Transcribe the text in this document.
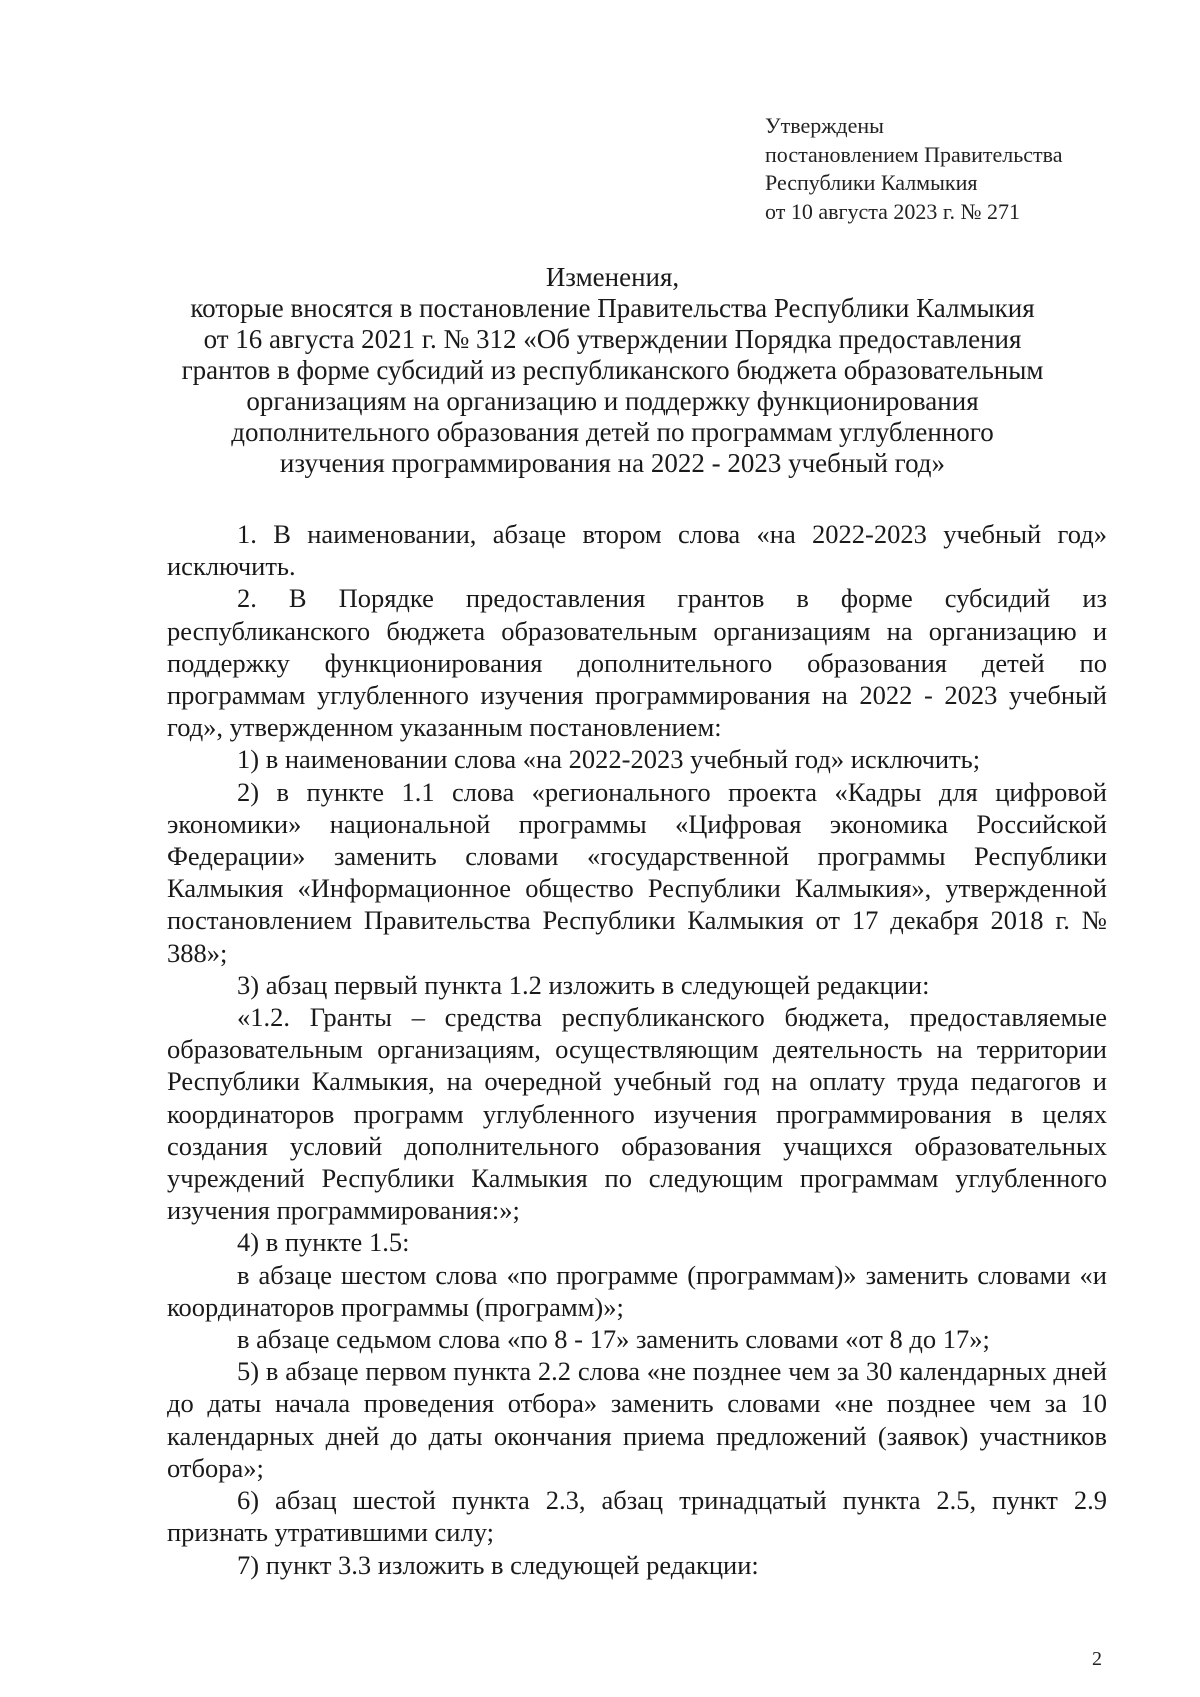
Утверждены
постановлением Правительства
Республики Калмыкия
от 10 августа 2023 г. № 271
Изменения,
которые вносятся в постановление Правительства Республики Калмыкия
от 16 августа 2021 г. № 312 «Об утверждении Порядка предоставления
грантов в форме субсидий из республиканского бюджета образовательным
организациям на организацию и поддержку функционирования
дополнительного образования детей по программам углубленного
изучения программирования на 2022 - 2023 учебный год»

1. В наименовании, абзаце втором слова «на 2022-2023 учебный год» исключить.

2. В Порядке предоставления грантов в форме субсидий из республиканского бюджета образовательным организациям на организацию и поддержку функционирования дополнительного образования детей по программам углубленного изучения программирования на 2022 - 2023 учебный год», утвержденном указанным постановлением:

1) в наименовании слова «на 2022-2023 учебный год» исключить;

2) в пункте 1.1 слова «регионального проекта «Кадры для цифровой экономики» национальной программы «Цифровая экономика Российской Федерации» заменить словами «государственной программы Республики Калмыкия «Информационное общество Республики Калмыкия», утвержденной постановлением Правительства Республики Калмыкия от 17 декабря 2018 г. № 388»;

3) абзац первый пункта 1.2 изложить в следующей редакции:

«1.2. Гранты – средства республиканского бюджета, предоставляемые образовательным организациям, осуществляющим деятельность на территории Республики Калмыкия, на очередной учебный год на оплату труда педагогов и координаторов программ углубленного изучения программирования в целях создания условий дополнительного образования учащихся образовательных учреждений Республики Калмыкия по следующим программам углубленного изучения программирования:»;

4) в пункте 1.5:

в абзаце шестом слова «по программе (программам)» заменить словами «и координаторов программы (программ)»;

в абзаце седьмом слова «по 8 - 17» заменить словами «от 8 до 17»;

5) в абзаце первом пункта 2.2 слова «не позднее чем за 30 календарных дней до даты начала проведения отбора» заменить словами «не позднее чем за 10 календарных дней до даты окончания приема предложений (заявок) участников отбора»;

6) абзац шестой пункта 2.3, абзац тринадцатый пункта 2.5, пункт 2.9 признать утратившими силу;

7) пункт 3.3 изложить в следующей редакции:

2
